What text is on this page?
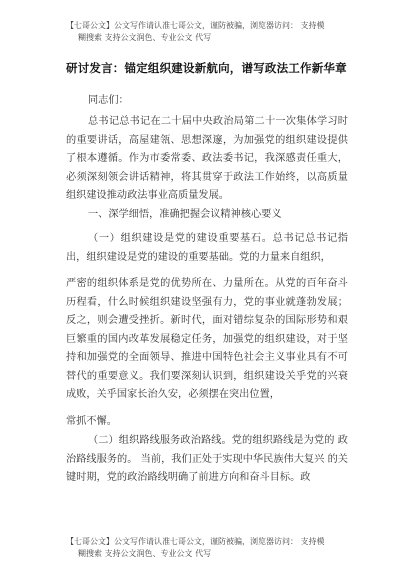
【七哥公文】公文写作请认准七哥公文，谨防被骗，浏览器访问： 支持模
糊搜索 支持公文润色、专业公文 代写
研讨发言：锚定组织建设新航向，谱写政法工作新华章
同志们：
总书记总书记在二十届中央政治局第二十一次集体学习时的重要讲话，高屋建瓴、思想深邃，为加强党的组织建设提供了根本遵循。作为市委常委、政法委书记，我深感责任重大，必须深刻领会讲话精神，将其贯穿于政法工作始终，以高质量组织建设推动政法事业高质量发展。
一、深学细悟，准确把握会议精神核心要义
（一）组织建设是党的建设重要基石。总书记总书记指 出，组织建设是党的建设的重要基础。党的力量来自组织，
严密的组织体系是党的优势所在、力量所在。从党的百年奋斗历程看，什么时候组织建设坚强有力，党的事业就蓬勃发展；反之，则会遭受挫折。新时代，面对错综复杂的国际形势和艰巨繁重的国内改革发展稳定任务，加强党的组织建设，对于坚持和加强党的全面领导、推进中国特色社会主义事业具有不可替代的重要意义。我们要深刻认识到，组织建设关乎党的兴衰成败，关乎国家长治久安，必须摆在突出位置，
常抓不懈。
（二）组织路线服务政治路线。党的组织路线是为党的 政治路线服务的。 当前，我们正处于实现中华民族伟大复兴 的关键时期，党的政治路线明确了前进方向和奋斗目标。政
【七哥公文】公文写作请认准七哥公文，谨防被骗，浏览器访问： 支持模
糊搜索 支持公文润色、专业公文 代写
